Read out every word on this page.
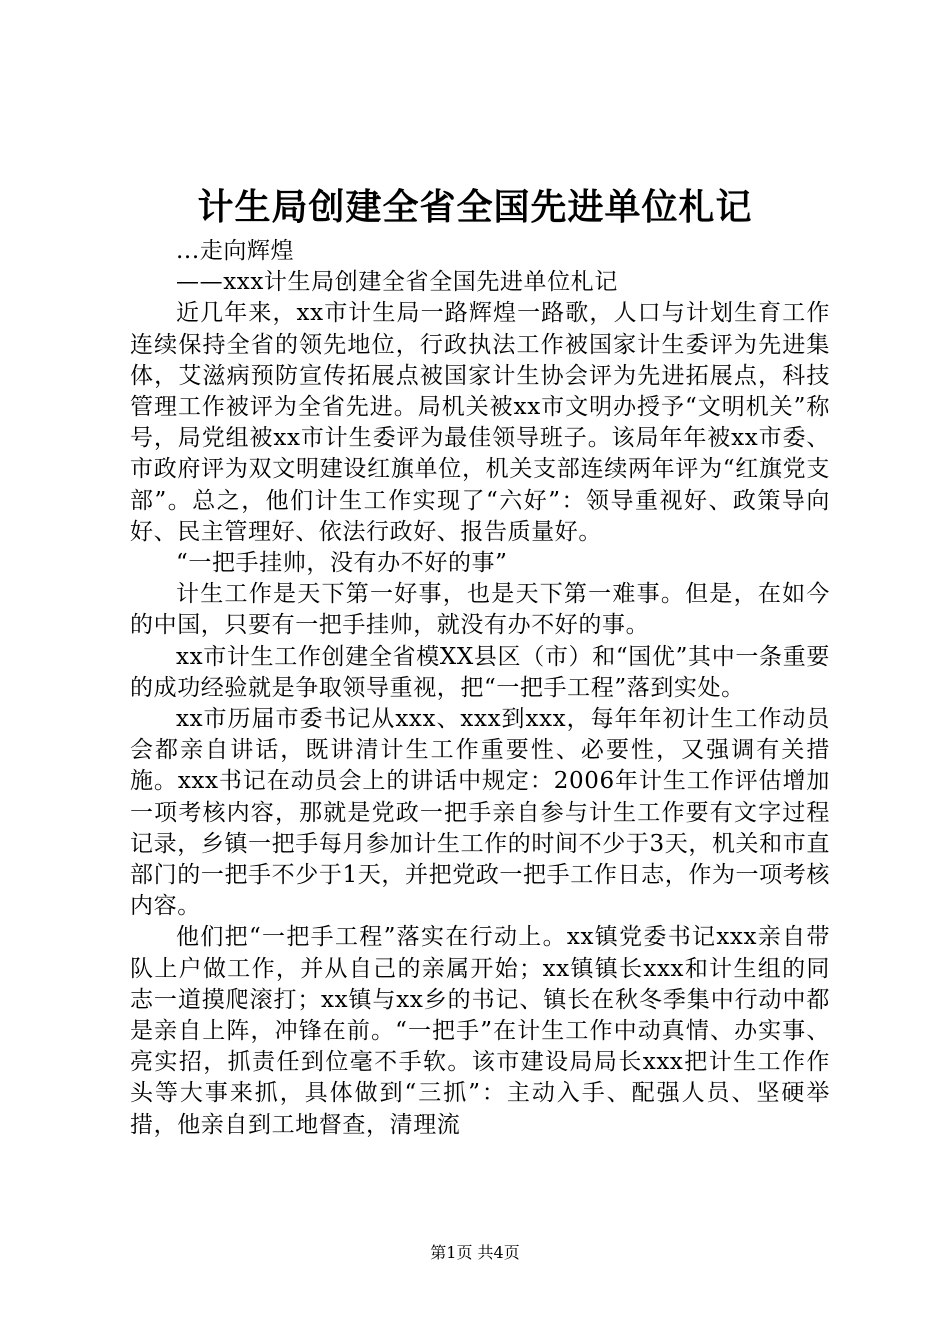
计生局创建全省全国先进单位札记

...走向辉煌

——xxx计生局创建全省全国先进单位札记

近几年来，xx市计生局一路辉煌一路歌，人口与计划生育工作连续保持全省的领先地位，行政执法工作被国家计生委评为先进集体，艾滋病预防宣传拓展点被国家计生协会评为先进拓展点，科技管理工作被评为全省先进。局机关被xx市文明办授予“文明机关”称号，局党组被xx市计生委评为最佳领导班子。该局年年被xx市委、市政府评为双文明建设红旗单位，机关支部连续两年评为“红旗党支部”。总之，他们计生工作实现了“六好”：领导重视好、政策导向好、民主管理好、依法行政好、报告质量好。

“一把手挂帅，没有办不好的事”

计生工作是天下第一好事，也是天下第一难事。但是，在如今的中国，只要有一把手挂帅，就没有办不好的事。

xx市计生工作创建全省模XX县区（市）和“国优”其中一条重要的成功经验就是争取领导重视，把“一把手工程”落到实处。

xx市历届市委书记从xxx、xxx到xxx，每年年初计生工作动员会都亲自讲话，既讲清计生工作重要性、必要性，又强调有关措施。xxx书记在动员会上的讲话中规定：2006年计生工作评估增加一项考核内容，那就是党政一把手亲自参与计生工作要有文字过程记录，乡镇一把手每月参加计生工作的时间不少于3天，机关和市直部门的一把手不少于1天，并把党政一把手工作日志，作为一项考核内容。

他们把“一把手工程”落实在行动上。xx镇党委书记xxx亲自带队上户做工作，并从自己的亲属开始；xx镇镇长xxx和计生组的同志一道摸爬滚打；xx镇与xx乡的书记、镇长在秋冬季集中行动中都是亲自上阵，冲锋在前。“一把手”在计生工作中动真情、办实事、亮实招，抓责任到位毫不手软。该市建设局局长xxx把计生工作作头等大事来抓，具体做到“三抓”：主动入手、配强人员、坚硬举措，他亲自到工地督查，清理流

第1页 共4页
